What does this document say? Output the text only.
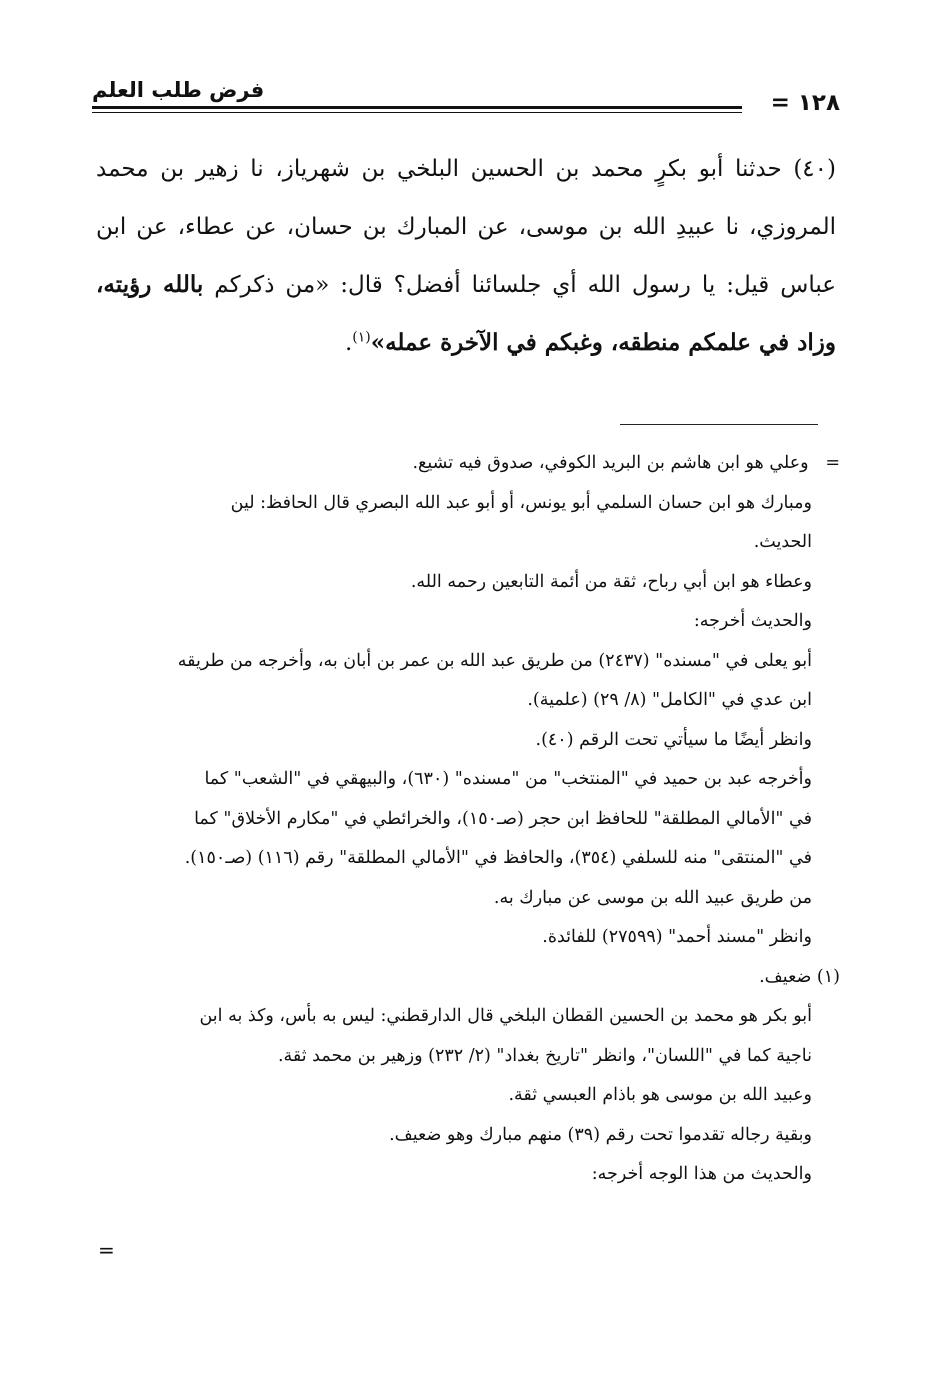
فرض طلب العلم	١٢٨ =
(٤٠) حدثنا أبو بكرٍ محمد بن الحسين البلخي بن شهرياز، نا زهير بن محمد المروزي، نا عبيدِ الله بن موسى، عن المبارك بن حسان، عن عطاء، عن ابن عباس قيل: يا رسول الله أي جلسائنا أفضل؟ قال: «من ذكركم بالله رؤيته، وزاد في علمكم منطقه، وغبكم في الآخرة عمله»$^{(١)}$.
=   وعلي هو ابن هاشم بن البريد الكوفي، صدوق فيه تشيع.
ومبارك هو ابن حسان السلمي أبو يونس، أو أبو عبد الله البصري قال الحافظ: لين
الحديث.
وعطاء هو ابن أبي رباح، ثقة من أئمة التابعين رحمه الله.
والحديث أخرجه:
أبو يعلى في "مسنده" (٢٤٣٧) من طريق عبد الله بن عمر بن أبان به، وأخرجه من طريقه
ابن عدي في "الكامل" (٨/ ٢٩) (علمية).
وانظر أيضًا ما سيأتي تحت الرقم (٤٠).
وأخرجه عبد بن حميد في "المنتخب" من "مسنده" (٦٣٠)، والبيهقي في "الشعب" كما
في "الأمالي المطلقة" للحافظ ابن حجر (صـ١٥٠)، والخرائطي في "مكارم الأخلاق" كما
في "المنتقى" منه للسلفي (٣٥٤)، والحافظ في "الأمالي المطلقة" رقم (١١٦) (صـ١٥٠).
من طريق عبيد الله بن موسى عن مبارك به.
وانظر "مسند أحمد" (٢٧٥٩٩) للفائدة.
(١) ضعيف.
أبو بكر هو محمد بن الحسين القطان البلخي قال الدارقطني: ليس به بأس، وكذ به ابن
ناجية كما في "اللسان"، وانظر "تاريخ بغداد" (٢/ ٢٣٢) وزهير بن محمد ثقة.
وعبيد الله بن موسى هو باذام العبسي ثقة.
وبقية رجاله تقدموا تحت رقم (٣٩) منهم مبارك وهو ضعيف.
والحديث من هذا الوجه أخرجه:
=
